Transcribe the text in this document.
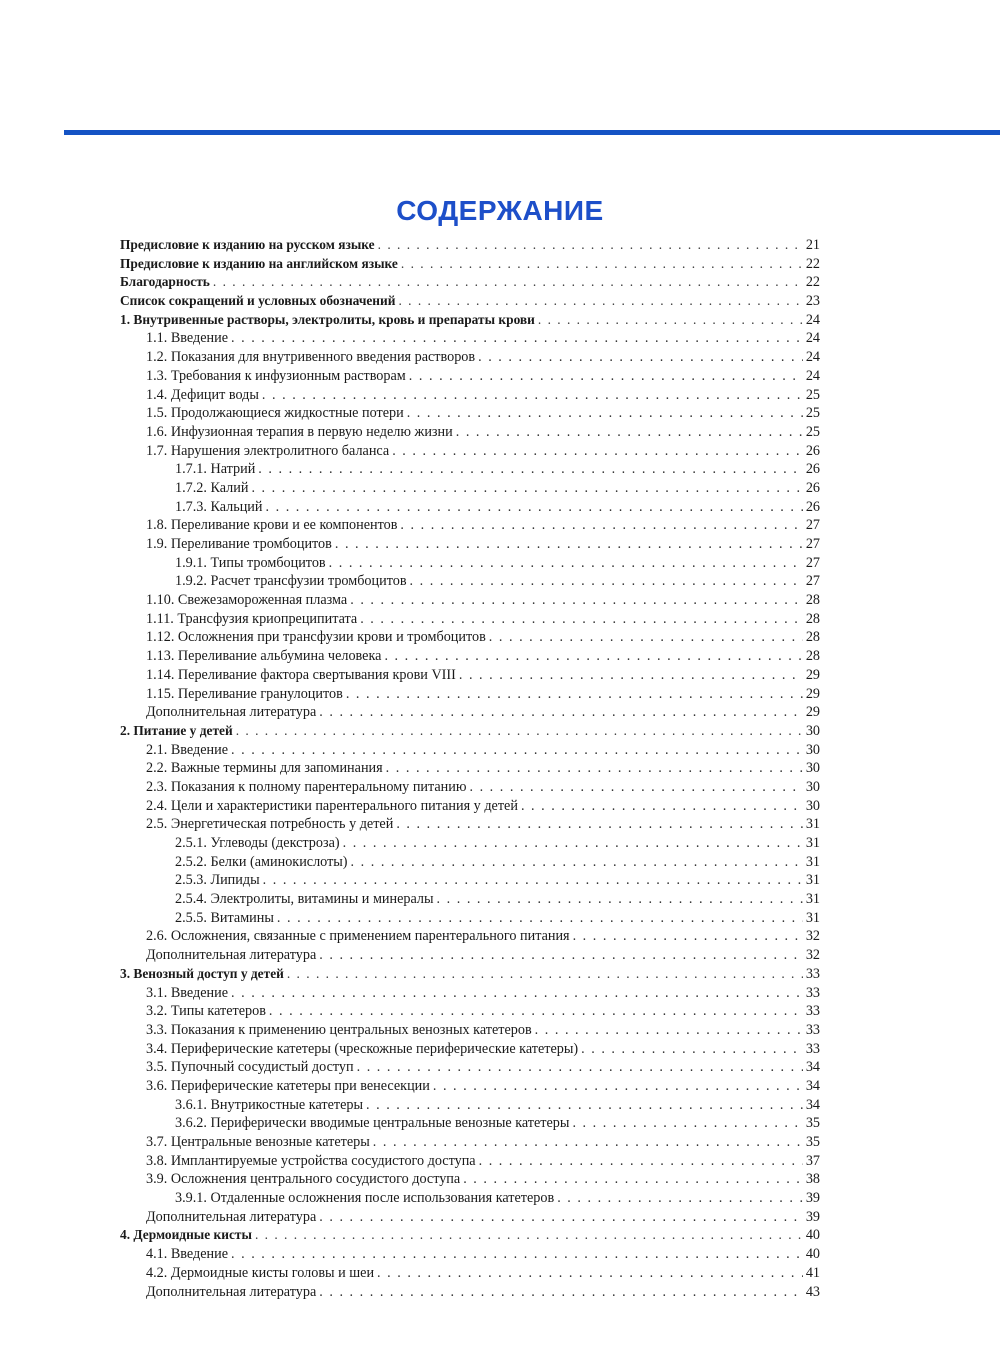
СОДЕРЖАНИЕ
Предисловие к изданию на русском языке . . .	21
Предисловие к изданию на английском языке . . .	22
Благодарность . . .	22
Список сокращений и условных обозначений . . .	23
1. Внутривенные растворы, электролиты, кровь и препараты крови . . .	24
1.1. Введение . . .	24
1.2. Показания для внутривенного введения растворов . . .	24
1.3. Требования к инфузионным растворам . . .	24
1.4. Дефицит воды . . .	25
1.5. Продолжающиеся жидкостные потери . . .	25
1.6. Инфузионная терапия в первую неделю жизни . . .	25
1.7. Нарушения электролитного баланса . . .	26
1.7.1. Натрий . . .	26
1.7.2. Калий . . .	26
1.7.3. Кальций . . .	26
1.8. Переливание крови и ее компонентов . . .	27
1.9. Переливание тромбоцитов . . .	27
1.9.1. Типы тромбоцитов . . .	27
1.9.2. Расчет трансфузии тромбоцитов . . .	27
1.10. Свежезамороженная плазма . . .	28
1.11. Трансфузия криопреципитата . . .	28
1.12. Осложнения при трансфузии крови и тромбоцитов . . .	28
1.13. Переливание альбумина человека . . .	28
1.14. Переливание фактора свертывания крови VIII . . .	29
1.15. Переливание гранулоцитов . . .	29
Дополнительная литература . . .	29
2. Питание у детей . . .	30
2.1. Введение . . .	30
2.2. Важные термины для запоминания . . .	30
2.3. Показания к полному парентеральному питанию . . .	30
2.4. Цели и характеристики парентерального питания у детей . . .	30
2.5. Энергетическая потребность у детей . . .	31
2.5.1. Углеводы (декстроза) . . .	31
2.5.2. Белки (аминокислоты) . . .	31
2.5.3. Липиды . . .	31
2.5.4. Электролиты, витамины и минералы . . .	31
2.5.5. Витамины . . .	31
2.6. Осложнения, связанные с применением парентерального питания . . .	32
Дополнительная литература . . .	32
3. Венозный доступ у детей . . .	33
3.1. Введение . . .	33
3.2. Типы катетеров . . .	33
3.3. Показания к применению центральных венозных катетеров . . .	33
3.4. Периферические катетеры (чрескожные периферические катетеры) . . .	33
3.5. Пупочный сосудистый доступ . . .	34
3.6. Периферические катетеры при венесекции . . .	34
3.6.1. Внутрикостные катетеры . . .	34
3.6.2. Периферически вводимые центральные венозные катетеры . . .	35
3.7. Центральные венозные катетеры . . .	35
3.8. Имплантируемые устройства сосудистого доступа . . .	37
3.9. Осложнения центрального сосудистого доступа . . .	38
3.9.1. Отдаленные осложнения после использования катетеров . . .	39
Дополнительная литература . . .	39
4. Дермоидные кисты . . .	40
4.1. Введение . . .	40
4.2. Дермоидные кисты головы и шеи . . .	41
Дополнительная литература . . .	43
